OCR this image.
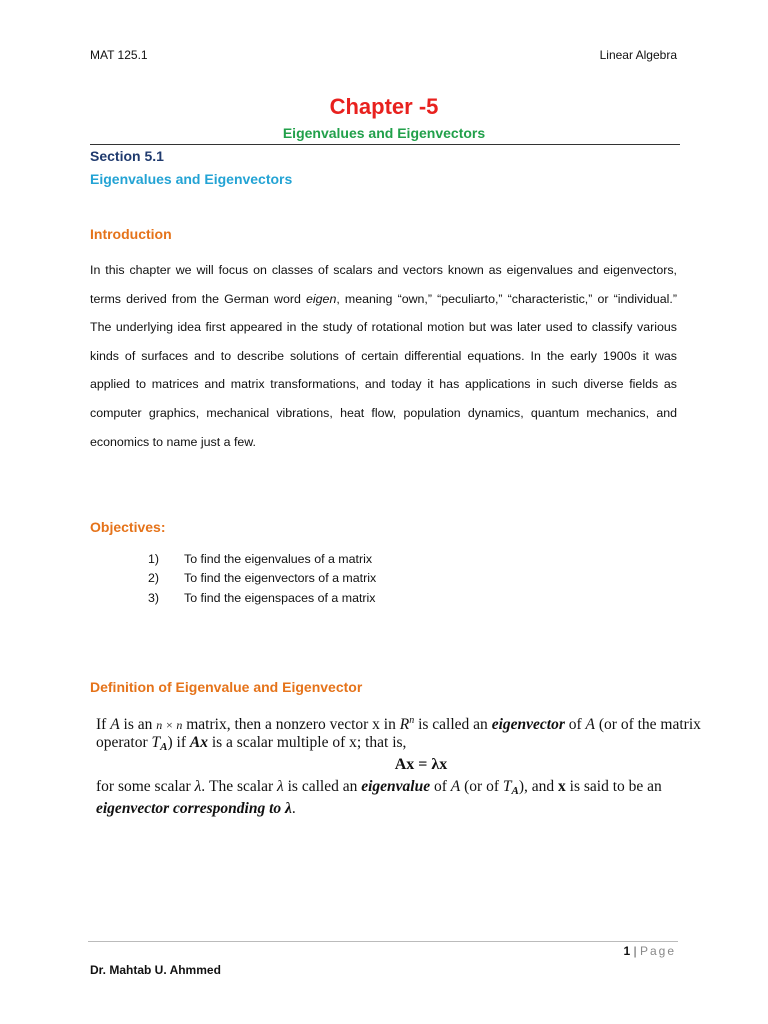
MAT 125.1	Linear Algebra
Chapter -5
Eigenvalues and Eigenvectors
Section 5.1
Eigenvalues and Eigenvectors
Introduction

In this chapter we will focus on classes of scalars and vectors known as eigenvalues and eigenvectors, terms derived from the German word eigen, meaning “own,” “peculiarto,” “characteristic,” or “individual.” The underlying idea first appeared in the study of rotational motion but was later used to classify various kinds of surfaces and to describe solutions of certain differential equations. In the early 1900s it was applied to matrices and matrix transformations, and today it has applications in such diverse fields as computer graphics, mechanical vibrations, heat flow, population dynamics, quantum mechanics, and economics to name just a few.

Objectives:
1) To find the eigenvalues of a matrix
2) To find the eigenvectors of a matrix
3) To find the eigenspaces of a matrix
Definition of Eigenvalue and Eigenvector
If A is an n × n matrix, then a nonzero vector x in $R^n$ is called an eigenvector of A (or of the matrix
operator $T_A$) if Ax is a scalar multiple of x; that is,
Ax = λx
for some scalar λ. The scalar λ is called an eigenvalue of A (or of $T_A$), and x is said to be an
eigenvector corresponding to λ.
1 | Page
Dr. Mahtab U. Ahmmed
